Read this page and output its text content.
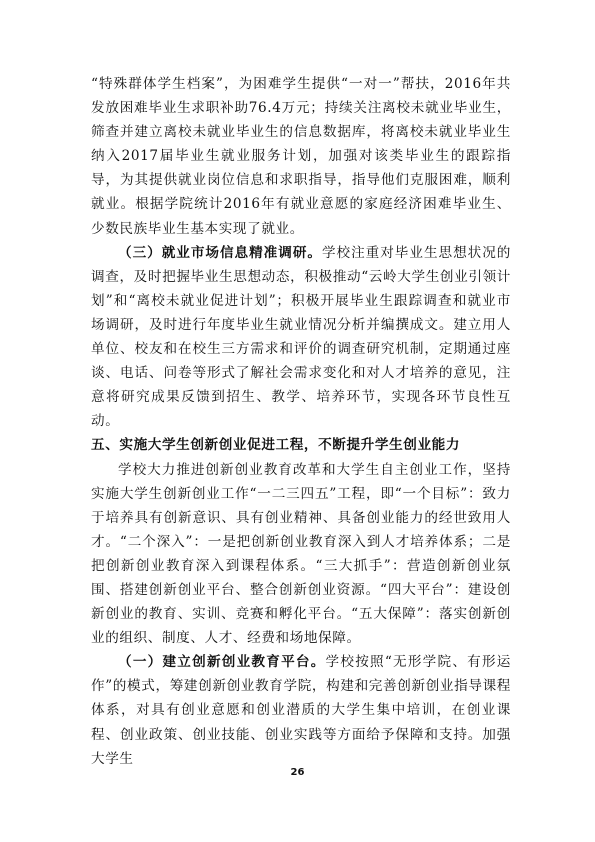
“特殊群体学生档案”，为困难学生提供“一对一”帮扶，2016年共发放困难毕业生求职补助76.4万元；持续关注离校未就业毕业生，筛查并建立离校未就业毕业生的信息数据库，将离校未就业毕业生纳入2017届毕业生就业服务计划，加强对该类毕业生的跟踪指导，为其提供就业岗位信息和求职指导，指导他们克服困难，顺利就业。根据学院统计2016年有就业意愿的家庭经济困难毕业生、少数民族毕业生基本实现了就业。

（三）就业市场信息精准调研。学校注重对毕业生思想状况的调查，及时把握毕业生思想动态，积极推动“云岭大学生创业引领计划”和“离校未就业促进计划”；积极开展毕业生跟踪调查和就业市场调研，及时进行年度毕业生就业情况分析并编撰成文。建立用人单位、校友和在校生三方需求和评价的调查研究机制，定期通过座谈、电话、问卷等形式了解社会需求变化和对人才培养的意见，注意将研究成果反馈到招生、教学、培养环节，实现各环节良性互动。

五、实施大学生创新创业促进工程，不断提升学生创业能力

学校大力推进创新创业教育改革和大学生自主创业工作，坚持实施大学生创新创业工作“一二三四五”工程，即“一个目标”：致力于培养具有创新意识、具有创业精神、具备创业能力的经世致用人才。“二个深入”：一是把创新创业教育深入到人才培养体系；二是把创新创业教育深入到课程体系。“三大抓手”：营造创新创业氛围、搭建创新创业平台、整合创新创业资源。“四大平台”：建设创新创业的教育、实训、竞赛和孵化平台。“五大保障”：落实创新创业的组织、制度、人才、经费和场地保障。

（一）建立创新创业教育平台。学校按照“无形学院、有形运作”的模式，筹建创新创业教育学院，构建和完善创新创业指导课程体系，对具有创业意愿和创业潜质的大学生集中培训，在创业课程、创业政策、创业技能、创业实践等方面给予保障和支持。加强大学生

26
